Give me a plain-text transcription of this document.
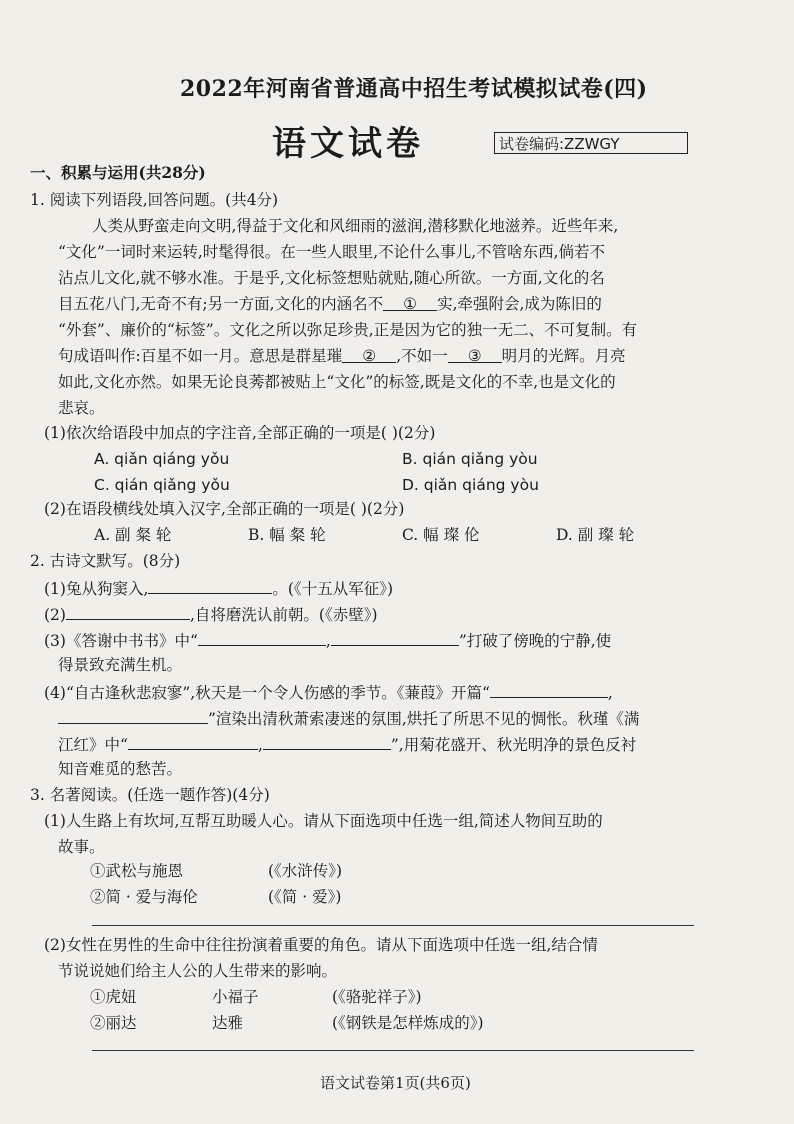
2022年河南省普通高中招生考试模拟试卷(四)
语文试卷	试卷编码:ZZWGY
一、积累与运用(共28分)
1. 阅读下列语段,回答问题。(共4分)
人类从野蛮走向文明,得益于文化和风细雨的滋润,潜移默化地滋养。近些年来,
“文化”一词时来运转,时髦得很。在一些人眼里,不论什么事儿,不管啥东西,倘若不
沾点儿文化,就不够水准。于是乎,文化标签想贴就贴,随心所欲。一方面,文化的名
目五花八门,无奇不有;另一方面,文化的内涵名不 ① 实,牵强附会,成为陈旧的
“外套”、廉价的“标签”。文化之所以弥足珍贵,正是因为它的独一无二、不可复制。有
句成语叫作:百星不如一月。意思是群星璀 ② ,不如一 ③ 明月的光辉。月亮
如此,文化亦然。如果无论良莠都被贴上“文化”的标签,既是文化的不幸,也是文化的
悲哀。
(1)依次给语段中加点的字注音,全部正确的一项是( )(2分)
A. qiǎn qiáng yǒu	B. qián qiǎng yòu
C. qián qiǎng yǒu	D. qiǎn qiáng yòu
(2)在语段横线处填入汉字,全部正确的一项是( )(2分)
A. 副 粲 轮	B. 幅 粲 轮	C. 幅 璨 伦	D. 副 璨 轮
2. 古诗文默写。(8分)
(1)兔从狗窦入,	。(《十五从军征》)
(2)	,自将磨洗认前朝。(《赤壁》)
(3)《答谢中书书》中“	,	”打破了傍晚的宁静,使
得景致充满生机。
(4)“自古逢秋悲寂寥”,秋天是一个令人伤感的季节。《蒹葭》开篇“	,
”渲染出清秋萧索凄迷的氛围,烘托了所思不见的惆怅。秋瑾《满
江红》中“	,	”,用菊花盛开、秋光明净的景色反衬
知音难觅的愁苦。
3. 名著阅读。(任选一题作答)(4分)
(1)人生路上有坎坷,互帮互助暖人心。请从下面选项中任选一组,简述人物间互助的
故事。
①武松与施恩	(《水浒传》)
②简 · 爱与海伦	(《简 · 爱》)
(2)女性在男性的生命中往往扮演着重要的角色。请从下面选项中任选一组,结合情
节说说她们给主人公的人生带来的影响。
①虎妞	小福子	(《骆驼祥子》)
②丽达	达雅	(《钢铁是怎样炼成的》)
语文试卷第1页(共6页)
